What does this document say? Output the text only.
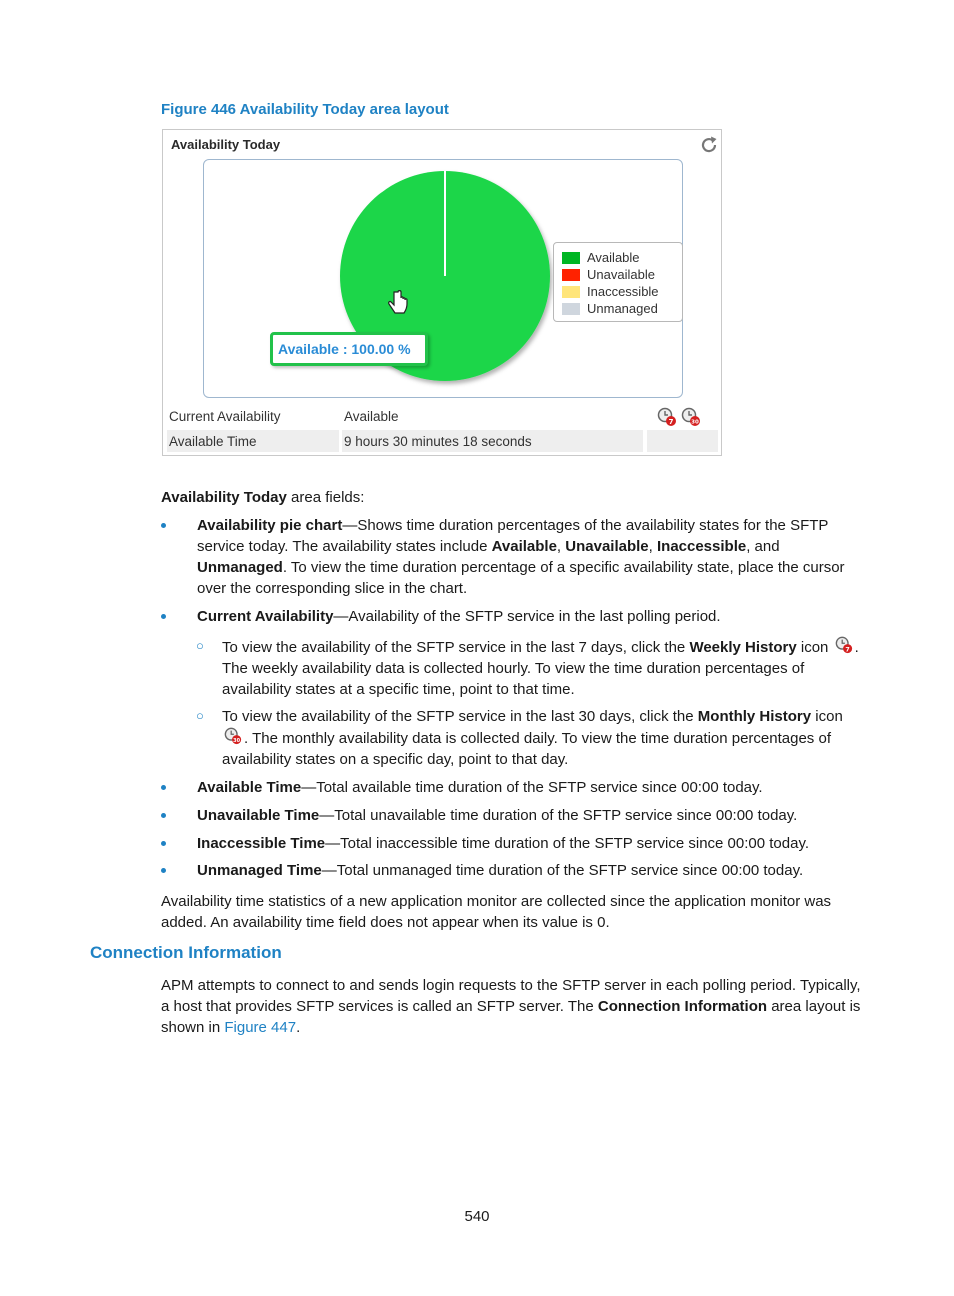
Figure 446 Availability Today area layout
Availability Today
Available
Unavailable
Inaccessible
Unmanaged
Available : 100.00 %
Current Availability	Available	7	30
Available Time	9 hours 30 minutes 18 seconds
Availability Today area fields:
Availability pie chart—Shows time duration percentages of the availability states for the SFTP
service today. The availability states include Available, Unavailable, Inaccessible, and
Unmanaged. To view the time duration percentage of a specific availability state, place the cursor
over the corresponding slice in the chart.
Current Availability—Availability of the SFTP service in the last polling period.
○ To view the availability of the SFTP service in the last 7 days, click the Weekly History icon 7 .
The weekly availability data is collected hourly. To view the time duration percentages of
availability states at a specific time, point to that time.
○ To view the availability of the SFTP service in the last 30 days, click the Monthly History icon
30 . The monthly availability data is collected daily. To view the time duration percentages of
availability states on a specific day, point to that day.
Available Time—Total available time duration of the SFTP service since 00:00 today.
Unavailable Time—Total unavailable time duration of the SFTP service since 00:00 today.
Inaccessible Time—Total inaccessible time duration of the SFTP service since 00:00 today.
Unmanaged Time—Total unmanaged time duration of the SFTP service since 00:00 today.
Availability time statistics of a new application monitor are collected since the application monitor was
added. An availability time field does not appear when its value is 0.
Connection Information
APM attempts to connect to and sends login requests to the SFTP server in each polling period. Typically,
a host that provides SFTP services is called an SFTP server. The Connection Information area layout is
shown in Figure 447.
540
